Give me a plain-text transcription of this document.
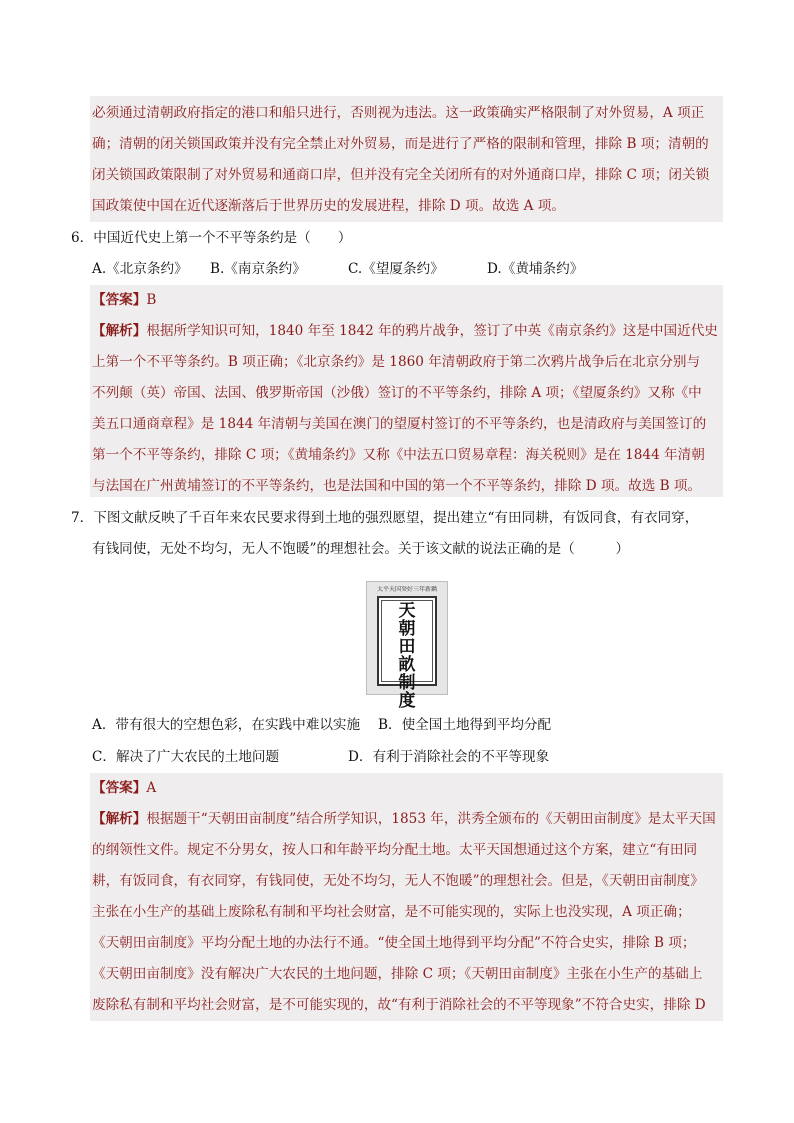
必须通过清朝政府指定的港口和船只进行，否则视为违法。这一政策确实严格限制了对外贸易，A 项正
确；清朝的闭关锁国政策并没有完全禁止对外贸易，而是进行了严格的限制和管理，排除 B 项；清朝的
闭关锁国政策限制了对外贸易和通商口岸，但并没有完全关闭所有的对外通商口岸，排除 C 项；闭关锁
国政策使中国在近代逐渐落后于世界历史的发展进程，排除 D 项。故选 A 项。
6．中国近代史上第一个不平等条约是（　　）
A.《北京条约》 B.《南京条约》	C.《望厦条约》	D.《黄埔条约》
【答案】B
【解析】根据所学知识可知，1840 年至 1842 年的鸦片战争，签订了中英《南京条约》这是中国近代史
上第一个不平等条约。B 项正确；《北京条约》是 1860 年清朝政府于第二次鸦片战争后在北京分别与
不列颠（英）帝国、法国、俄罗斯帝国（沙俄）签订的不平等条约，排除 A 项；《望厦条约》又称《中
美五口通商章程》是 1844 年清朝与美国在澳门的望厦村签订的不平等条约，也是清政府与美国签订的
第一个不平等条约，排除 C 项；《黄埔条约》又称《中法五口贸易章程：海关税则》是在 1844 年清朝
与法国在广州黄埔签订的不平等条约，也是法国和中国的第一个不平等条约，排除 D 项。故选 B 项。
7．下图文献反映了千百年来农民要求得到土地的强烈愿望，提出建立“有田同耕，有饭同食，有衣同穿，
有钱同使，无处不均匀，无人不饱暖”的理想社会。关于该文献的说法正确的是（　　　）
太平天国癸好三年新鐫
天
朝
田
畝
制
度
A．带有很大的空想色彩，在实践中难以实施 B．使全国土地得到平均分配
C．解决了广大农民的土地问题	D．有利于消除社会的不平等现象
【答案】A
【解析】根据题干“天朝田亩制度”结合所学知识，1853 年，洪秀全颁布的《天朝田亩制度》是太平天国
的纲领性文件。规定不分男女，按人口和年龄平均分配土地。太平天国想通过这个方案，建立“有田同
耕，有饭同食，有衣同穿，有钱同使，无处不均匀，无人不饱暖”的理想社会。但是，《天朝田亩制度》
主张在小生产的基础上废除私有制和平均社会财富，是不可能实现的，实际上也没实现，A 项正确；
《天朝田亩制度》平均分配土地的办法行不通。“使全国土地得到平均分配”不符合史实，排除 B 项；
《天朝田亩制度》没有解决广大农民的土地问题，排除 C 项；《天朝田亩制度》主张在小生产的基础上
废除私有制和平均社会财富，是不可能实现的，故“有利于消除社会的不平等现象”不符合史实，排除 D
